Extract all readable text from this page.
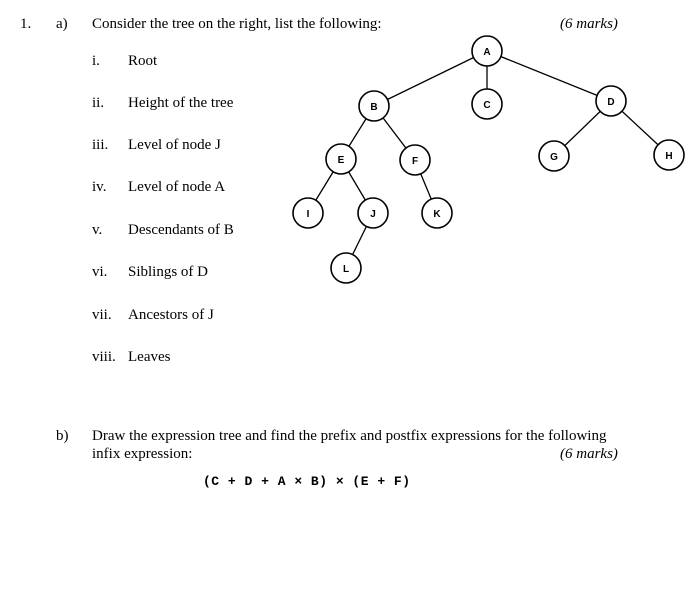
1. a) Consider the tree on the right, list the following:	(6 marks)
i. Root
ii. Height of the tree
iii. Level of node J
iv. Level of node A
v. Descendants of B
vi. Siblings of D
vii. Ancestors of J
viii. Leaves
A
B	C	D
E	F	G	H
I	J	K
L
b) Draw the expression tree and find the prefix and postfix expressions for the following
infix expression:	(6 marks)
(C + D + A × B) × (E + F)
